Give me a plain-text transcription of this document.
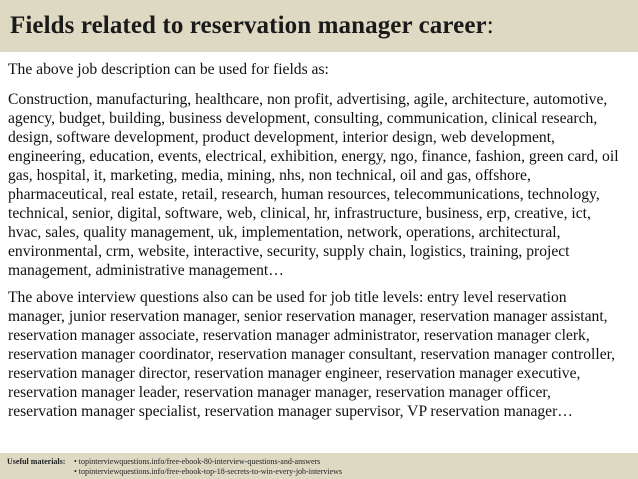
Fields related to reservation manager career:

The above job description can be used for fields as:

Construction, manufacturing, healthcare, non profit, advertising, agile, architecture, automotive,
agency, budget, building, business development, consulting, communication, clinical research,
design, software development, product development, interior design, web development,
engineering, education, events, electrical, exhibition, energy, ngo, finance, fashion, green card, oil
gas, hospital, it, marketing, media, mining, nhs, non technical, oil and gas, offshore,
pharmaceutical, real estate, retail, research, human resources, telecommunications, technology,
technical, senior, digital, software, web, clinical, hr, infrastructure, business, erp, creative, ict,
hvac, sales, quality management, uk, implementation, network, operations, architectural,
environmental, crm, website, interactive, security, supply chain, logistics, training, project
management, administrative management…
The above interview questions also can be used for job title levels: entry level reservation
manager, junior reservation manager, senior reservation manager, reservation manager assistant,
reservation manager associate, reservation manager administrator, reservation manager clerk,
reservation manager coordinator, reservation manager consultant, reservation manager controller,
reservation manager director, reservation manager engineer, reservation manager executive,
reservation manager leader, reservation manager manager, reservation manager officer,
reservation manager specialist, reservation manager supervisor, VP reservation manager…
Useful materials: • topinterviewquestions.info/free-ebook-80-interview-questions-and-answers
• topinterviewquestions.info/free-ebook-top-18-secrets-to-win-every-job-interviews
